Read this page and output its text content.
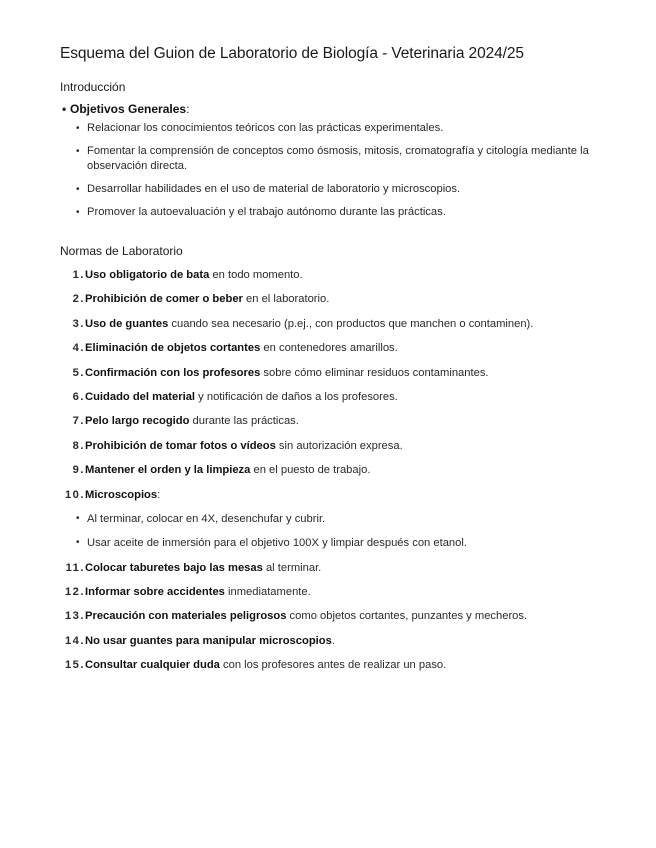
Esquema del Guion de Laboratorio de Biología - Veterinaria 2024/25
Introducción
• Objetivos Generales :
• Relacionar los conocimientos teóricos con las prácticas experimentales.
• Fomentar la comprensión de conceptos como ósmosis, mitosis, cromatografía y citología mediante la observación directa.
• Desarrollar habilidades en el uso de material de laboratorio y microscopios.
• Promover la autoevaluación y el trabajo autónomo durante las prácticas.
Normas de Laboratorio
1. Uso obligatorio de bata en todo momento.
2. Prohibición de comer o beber en el laboratorio.
3. Uso de guantes cuando sea necesario (p.ej., con productos que manchen o contaminen).
4. Eliminación de objetos cortantes en contenedores amarillos.
5. Confirmación con los profesores sobre cómo eliminar residuos contaminantes.
6. Cuidado del material y notificación de daños a los profesores.
7. Pelo largo recogido durante las prácticas.
8. Prohibición de tomar fotos o vídeos sin autorización expresa.
9. Mantener el orden y la limpieza en el puesto de trabajo.
10. Microscopios:
• Al terminar, colocar en 4X, desenchufar y cubrir.
• Usar aceite de inmersión para el objetivo 100X y limpiar después con etanol.
11. Colocar taburetes bajo las mesas al terminar.
12. Informar sobre accidentes inmediatamente.
13. Precaución con materiales peligrosos como objetos cortantes, punzantes y mecheros.
14. No usar guantes para manipular microscopios.
15. Consultar cualquier duda con los profesores antes de realizar un paso.
